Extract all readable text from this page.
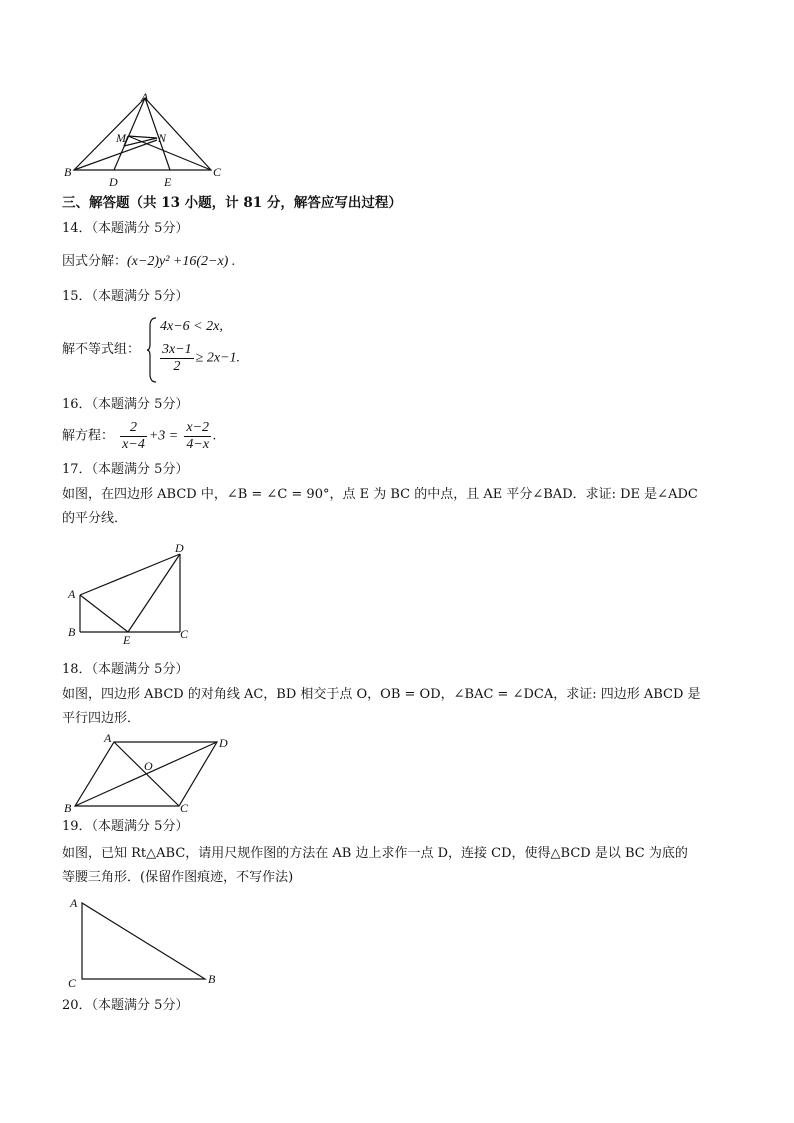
A
M	N
B
D	E
C
三、解答题（共 13 小题，计 81 分，解答应写出过程）
14．（本题满分 5分）
因式分解：(x−2)y² +16(2−x) .
15．（本题满分 5分）
解不等式组：
4x−6 < 2x,
$\frac{3x-1}{2} \ge 2x-1$.
16．（本题满分 5分）
解方程： $\frac{2}{x-4} +3 = \frac{x-2}{4-x}$ .
17．（本题满分 5分）
如图，在四边形 ABCD 中，∠B = ∠C = 90°，点 E 为 BC 的中点，且 AE 平分∠BAD．求证: DE 是∠ADC
的平分线．
D
A
B
E	C
18．（本题满分 5分）
如图，四边形 ABCD 的对角线 AC，BD 相交于点 O，OB = OD，∠BAC = ∠DCA，求证: 四边形 ABCD 是
平行四边形．
A	D
O
B	C
19．（本题满分 5分）
如图，已知 Rt△ABC，请用尺规作图的方法在 AB 边上求作一点 D，连接 CD，使得△BCD 是以 BC 为底的
等腰三角形．(保留作图痕迹，不写作法)
A
C	B
20．（本题满分 5分）
